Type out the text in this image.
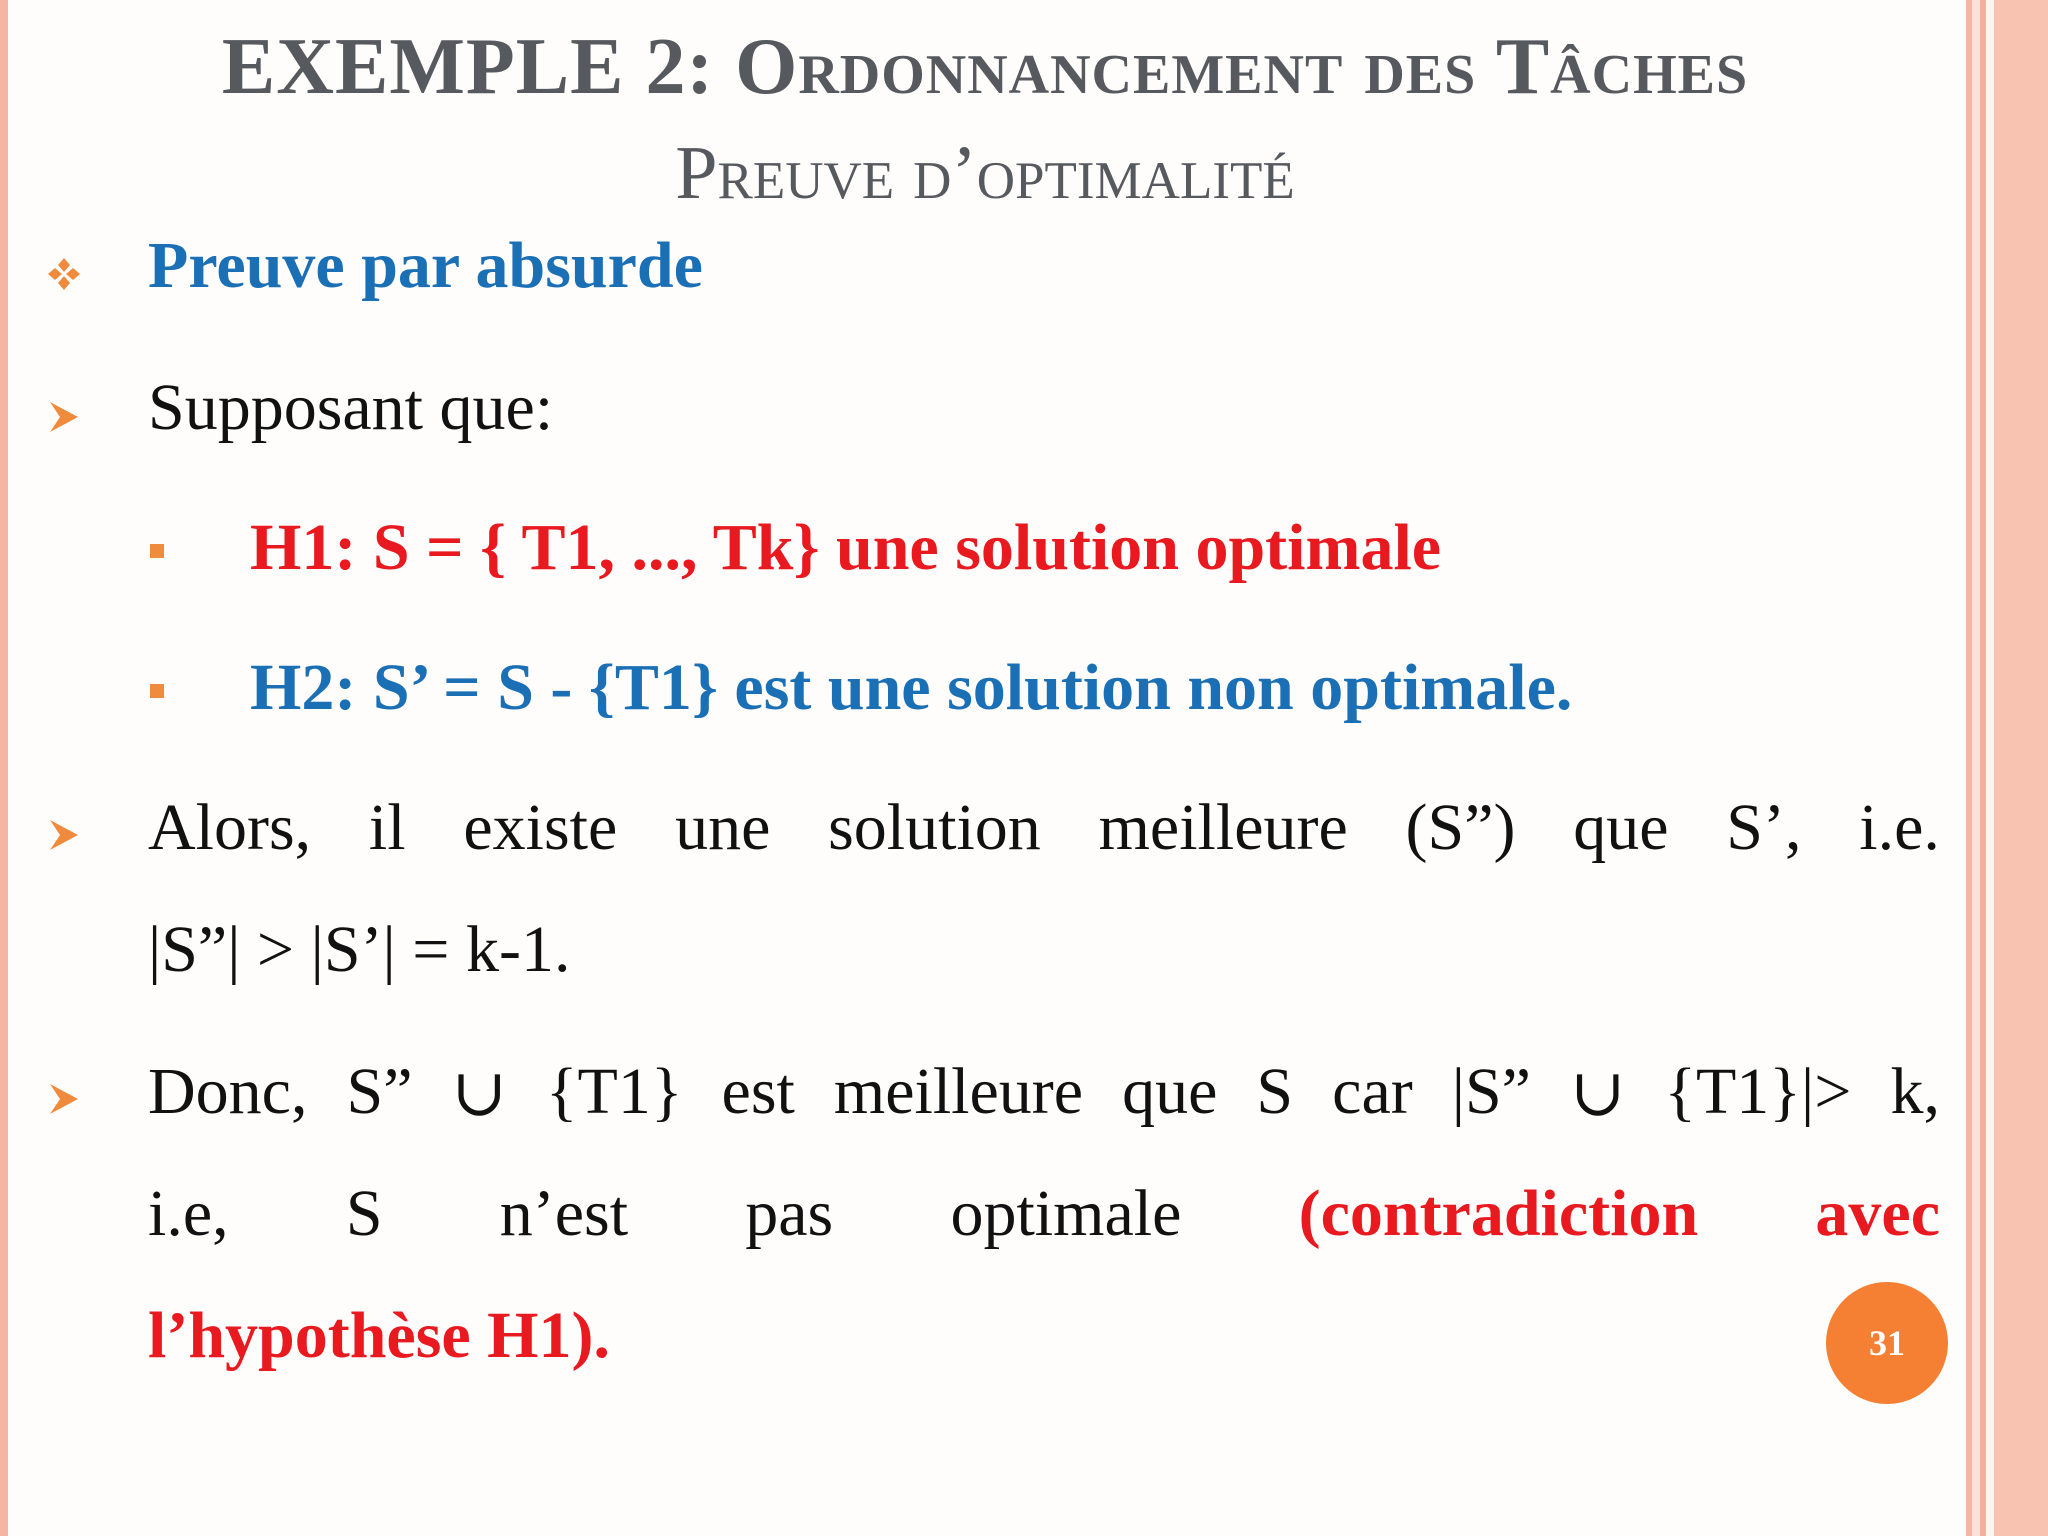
EXEMPLE 2: Ordonnancement des Tâches
Preuve d’optimalité
Preuve par absurde
Supposant que:
H1: S = { T1, ..., Tk} une solution optimale
H2: S’ = S - {T1} est une solution non optimale.
Alors, il existe une solution meilleure (S”) que S’, i.e.
|S”| > |S’| = k-1.
Donc, S” ∪ {T1} est meilleure que S car |S” ∪ {T1}|> k,
i.e, S n’est pas optimale (contradiction avec
l’hypothèse H1).	31
